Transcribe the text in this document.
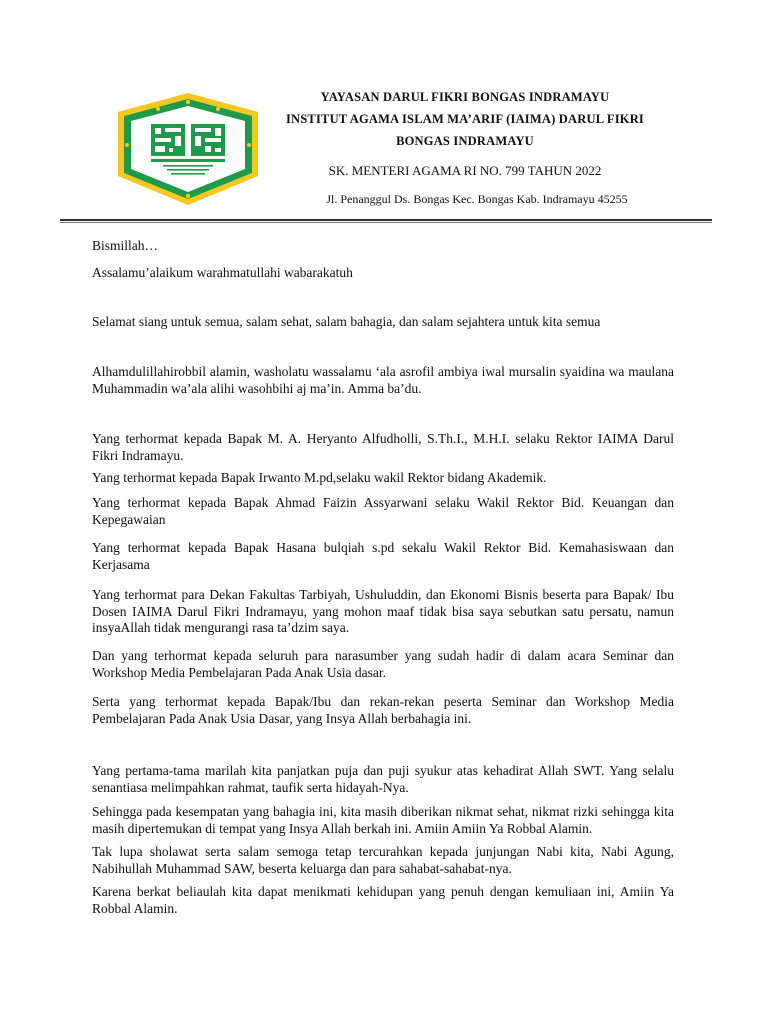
YAYASAN DARUL FIKRI BONGAS INDRAMAYU
INSTITUT AGAMA ISLAM MA’ARIF (IAIMA) DARUL FIKRI
BONGAS INDRAMAYU
SK. MENTERI AGAMA RI NO. 799 TAHUN 2022
Jl. Penanggul Ds. Bongas Kec. Bongas Kab. Indramayu 45255

Bismillah…

Assalamu’alaikum warahmatullahi wabarakatuh

Selamat siang untuk semua, salam sehat, salam bahagia, dan salam sejahtera untuk kita semua

Alhamdulillahirobbil alamin, washolatu wassalamu ‘ala asrofil ambiya iwal mursalin syaidina wa maulana Muhammadin wa’ala alihi wasohbihi aj ma’in. Amma ba’du.

Yang terhormat kepada Bapak M. A. Heryanto Alfudholli, S.Th.I., M.H.I. selaku Rektor IAIMA Darul Fikri Indramayu.

Yang terhormat kepada Bapak Irwanto M.pd,selaku wakil Rektor bidang Akademik.

Yang terhormat kepada Bapak Ahmad Faizin Assyarwani selaku Wakil Rektor Bid. Keuangan dan Kepegawaian

Yang terhormat kepada Bapak Hasana bulqiah s.pd sekalu Wakil Rektor Bid. Kemahasiswaan dan Kerjasama

Yang terhormat para Dekan Fakultas Tarbiyah, Ushuluddin, dan Ekonomi Bisnis beserta para Bapak/ Ibu Dosen IAIMA Darul Fikri Indramayu, yang mohon maaf tidak bisa saya sebutkan satu persatu, namun insyaAllah tidak mengurangi rasa ta’dzim saya.

Dan yang terhormat kepada seluruh para narasumber yang sudah hadir di dalam acara Seminar dan Workshop Media Pembelajaran Pada Anak Usia dasar.

Serta yang terhormat kepada Bapak/Ibu dan rekan-rekan peserta Seminar dan Workshop Media Pembelajaran Pada Anak Usia Dasar, yang Insya Allah berbahagia ini.

Yang pertama-tama marilah kita panjatkan puja dan puji syukur atas kehadirat Allah SWT. Yang selalu senantiasa melimpahkan rahmat, taufik serta hidayah-Nya.

Sehingga pada kesempatan yang bahagia ini, kita masih diberikan nikmat sehat, nikmat rizki sehingga kita masih dipertemukan di tempat yang Insya Allah berkah ini. Amiin Amiin Ya Robbal Alamin.

Tak lupa sholawat serta salam semoga tetap tercurahkan kepada junjungan Nabi kita, Nabi Agung, Nabihullah Muhammad SAW, beserta keluarga dan para sahabat-sahabat-nya.

Karena berkat beliaulah kita dapat menikmati kehidupan yang penuh dengan kemuliaan ini, Amiin Ya Robbal Alamin.
